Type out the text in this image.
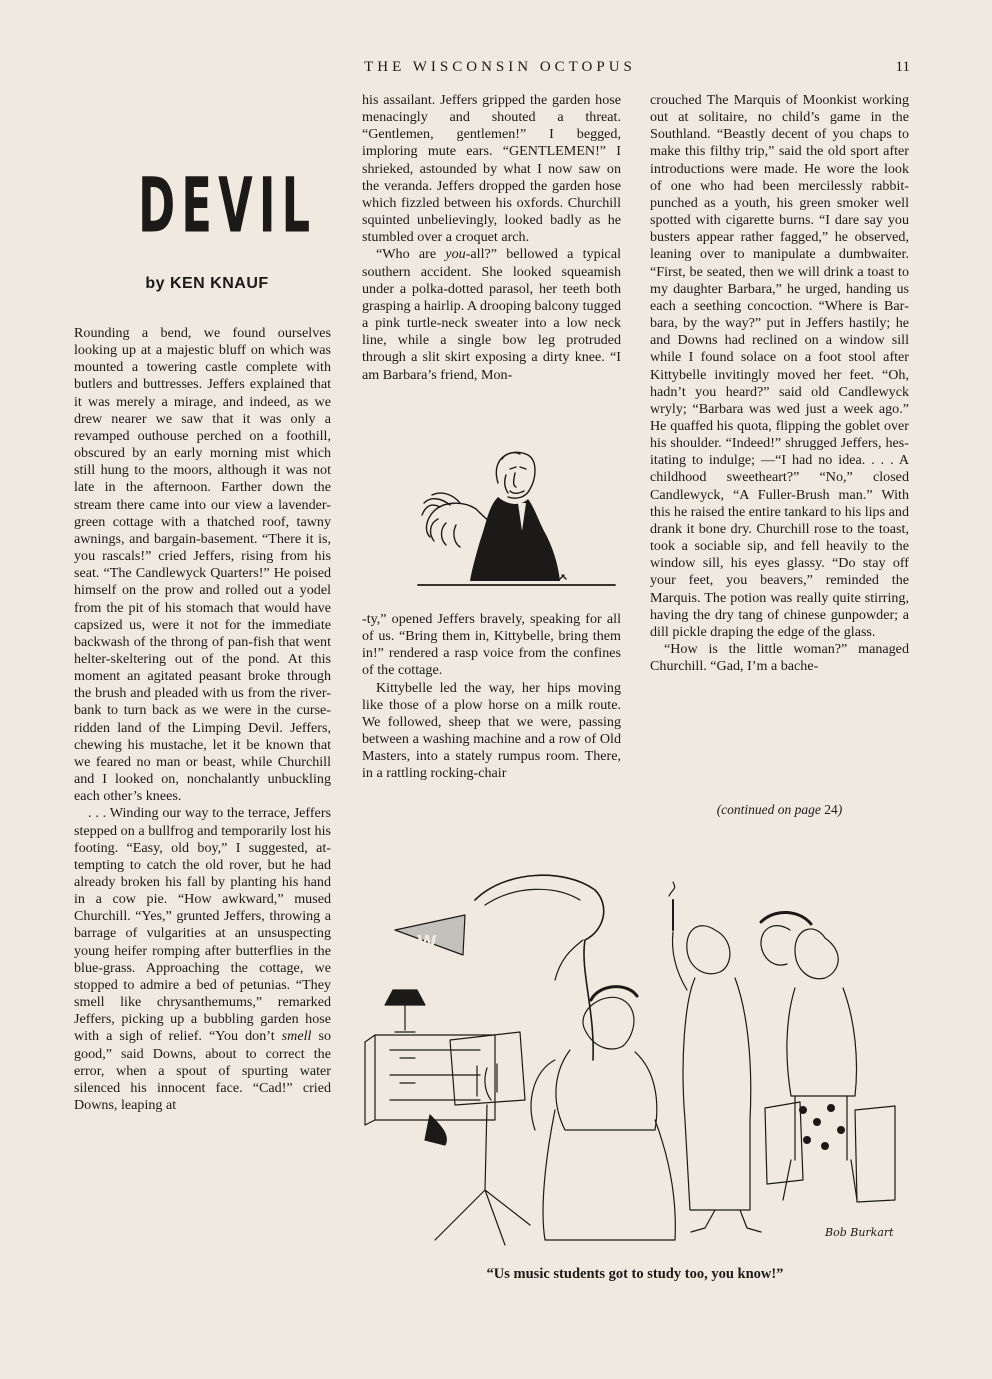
THE WISCONSIN OCTOPUS	11
DEVIL
by KEN KNAUF

Rounding a bend, we found ourselves looking up at a majestic bluff on which was mounted a towering castle complete with butlers and buttresses. Jeffers explained that it was merely a mirage, and indeed, as we drew nearer we saw that it was only a revamped outhouse perched on a foothill, obscured by an early morning mist which still hung to the moors, although it was not late in the afternoon. Farther down the stream there came into our view a lavender-green cottage with a thatched roof, tawny awnings, and bargain-basement. “There it is, you rascals!” cried Jeffers, rising from his seat. “The Candlewyck Quarters!” He poised himself on the prow and rolled out a yodel from the pit of his stomach that would have capsized us, were it not for the immediate backwash of the throng of pan-fish that went helter-skeltering out of the pond. At this moment an agitated peasant broke through the brush and pleaded with us from the river-bank to turn back as we were in the curse-ridden land of the Limping Devil. Jeffers, chewing his mustache, let it be known that we feared no man or beast, while Churchill and I looked on, nonchalantly unbuckling each other’s knees.

. . . Winding our way to the terrace, Jeffers stepped on a bullfrog and temporarily lost his footing. “Easy, old boy,” I suggested, attempting to catch the old rover, but he had already broken his fall by planting his hand in a cow pie. “How awkward,” mused Churchill. “Yes,” grunted Jeffers, throwing a barrage of vulgarities at an unsuspecting young heifer romping after butterflies in the blue-grass. Approaching the cottage, we stopped to admire a bed of petunias. “They smell like chrysanthemums,” remarked Jeffers, picking up a bubbling garden hose with a sigh of relief. “You don’t smell so good,” said Downs, about to correct the error, when a spout of spurting water silenced his innocent face. “Cad!” cried Downs, leaping at

his assailant. Jeffers gripped the garden hose menacingly and shouted a threat. “Gentlemen, gentlemen!” I begged, imploring mute ears. “GENTLEMEN!” I shrieked, astounded by what I now saw on the veranda. Jeffers dropped the garden hose which fizzled between his oxfords. Churchill squinted unbelievingly, looked badly as he stumbled over a croquet arch.

“Who are you-all?” bellowed a typical southern accident. She looked squeamish under a polka-dotted parasol, her teeth both grasping a hairlip. A drooping balcony tugged a pink turtle-neck sweater into a low neck line, while a single bow leg protruded through a slit skirt exposing a dirty knee. “I am Barbara’s friend, Mon-

-ty,” opened Jeffers bravely, speaking for all of us. “Bring them in, Kittybelle, bring them in!” rendered a rasp voice from the confines of the cottage.

Kittybelle led the way, her hips moving like those of a plow horse on a milk route. We followed, sheep that we were, passing between a washing machine and a row of Old Masters, into a stately rumpus room. There, in a rattling rocking-chair

crouched The Marquis of Moonkist working out at solitaire, no child’s game in the Southland. “Beastly decent of you chaps to make this filthy trip,” said the old sport after introductions were made. He wore the look of one who had been mercilessly rabbit-punched as a youth, his green smoker well spotted with cigarette burns. “I dare say you busters appear rather fagged,” he observed, leaning over to manipulate a dumbwaiter. “First, be seated, then we will drink a toast to my daughter Barbara,” he urged, handing us each a seething concoction. “Where is Barbara, by the way?” put in Jeffers hastily; he and Downs had reclined on a window sill while I found solace on a foot stool after Kittybelle invitingly moved her feet. “Oh, hadn’t you heard?” said old Candlewyck wryly; “Barbara was wed just a week ago.” He quaffed his quota, flipping the goblet over his shoulder. “Indeed!” shrugged Jeffers, hesitating to indulge; —“I had no idea. . . . A childhood sweetheart?” “No,” closed Candlewyck, “A Fuller-Brush man.” With this he raised the entire tankard to his lips and drank it bone dry. Churchill rose to the toast, took a sociable sip, and fell heavily to the window sill, his eyes glassy. “Do stay off your feet, you beavers,” reminded the Marquis. The potion was really quite stirring, having the dry tang of chinese gunpowder; a dill pickle draping the edge of the glass.

“How is the little woman?” managed Churchill. “Gad, I’m a bache-

(continued on page 24)
W
Bob Burkart
“Us music students got to study too, you know!”
